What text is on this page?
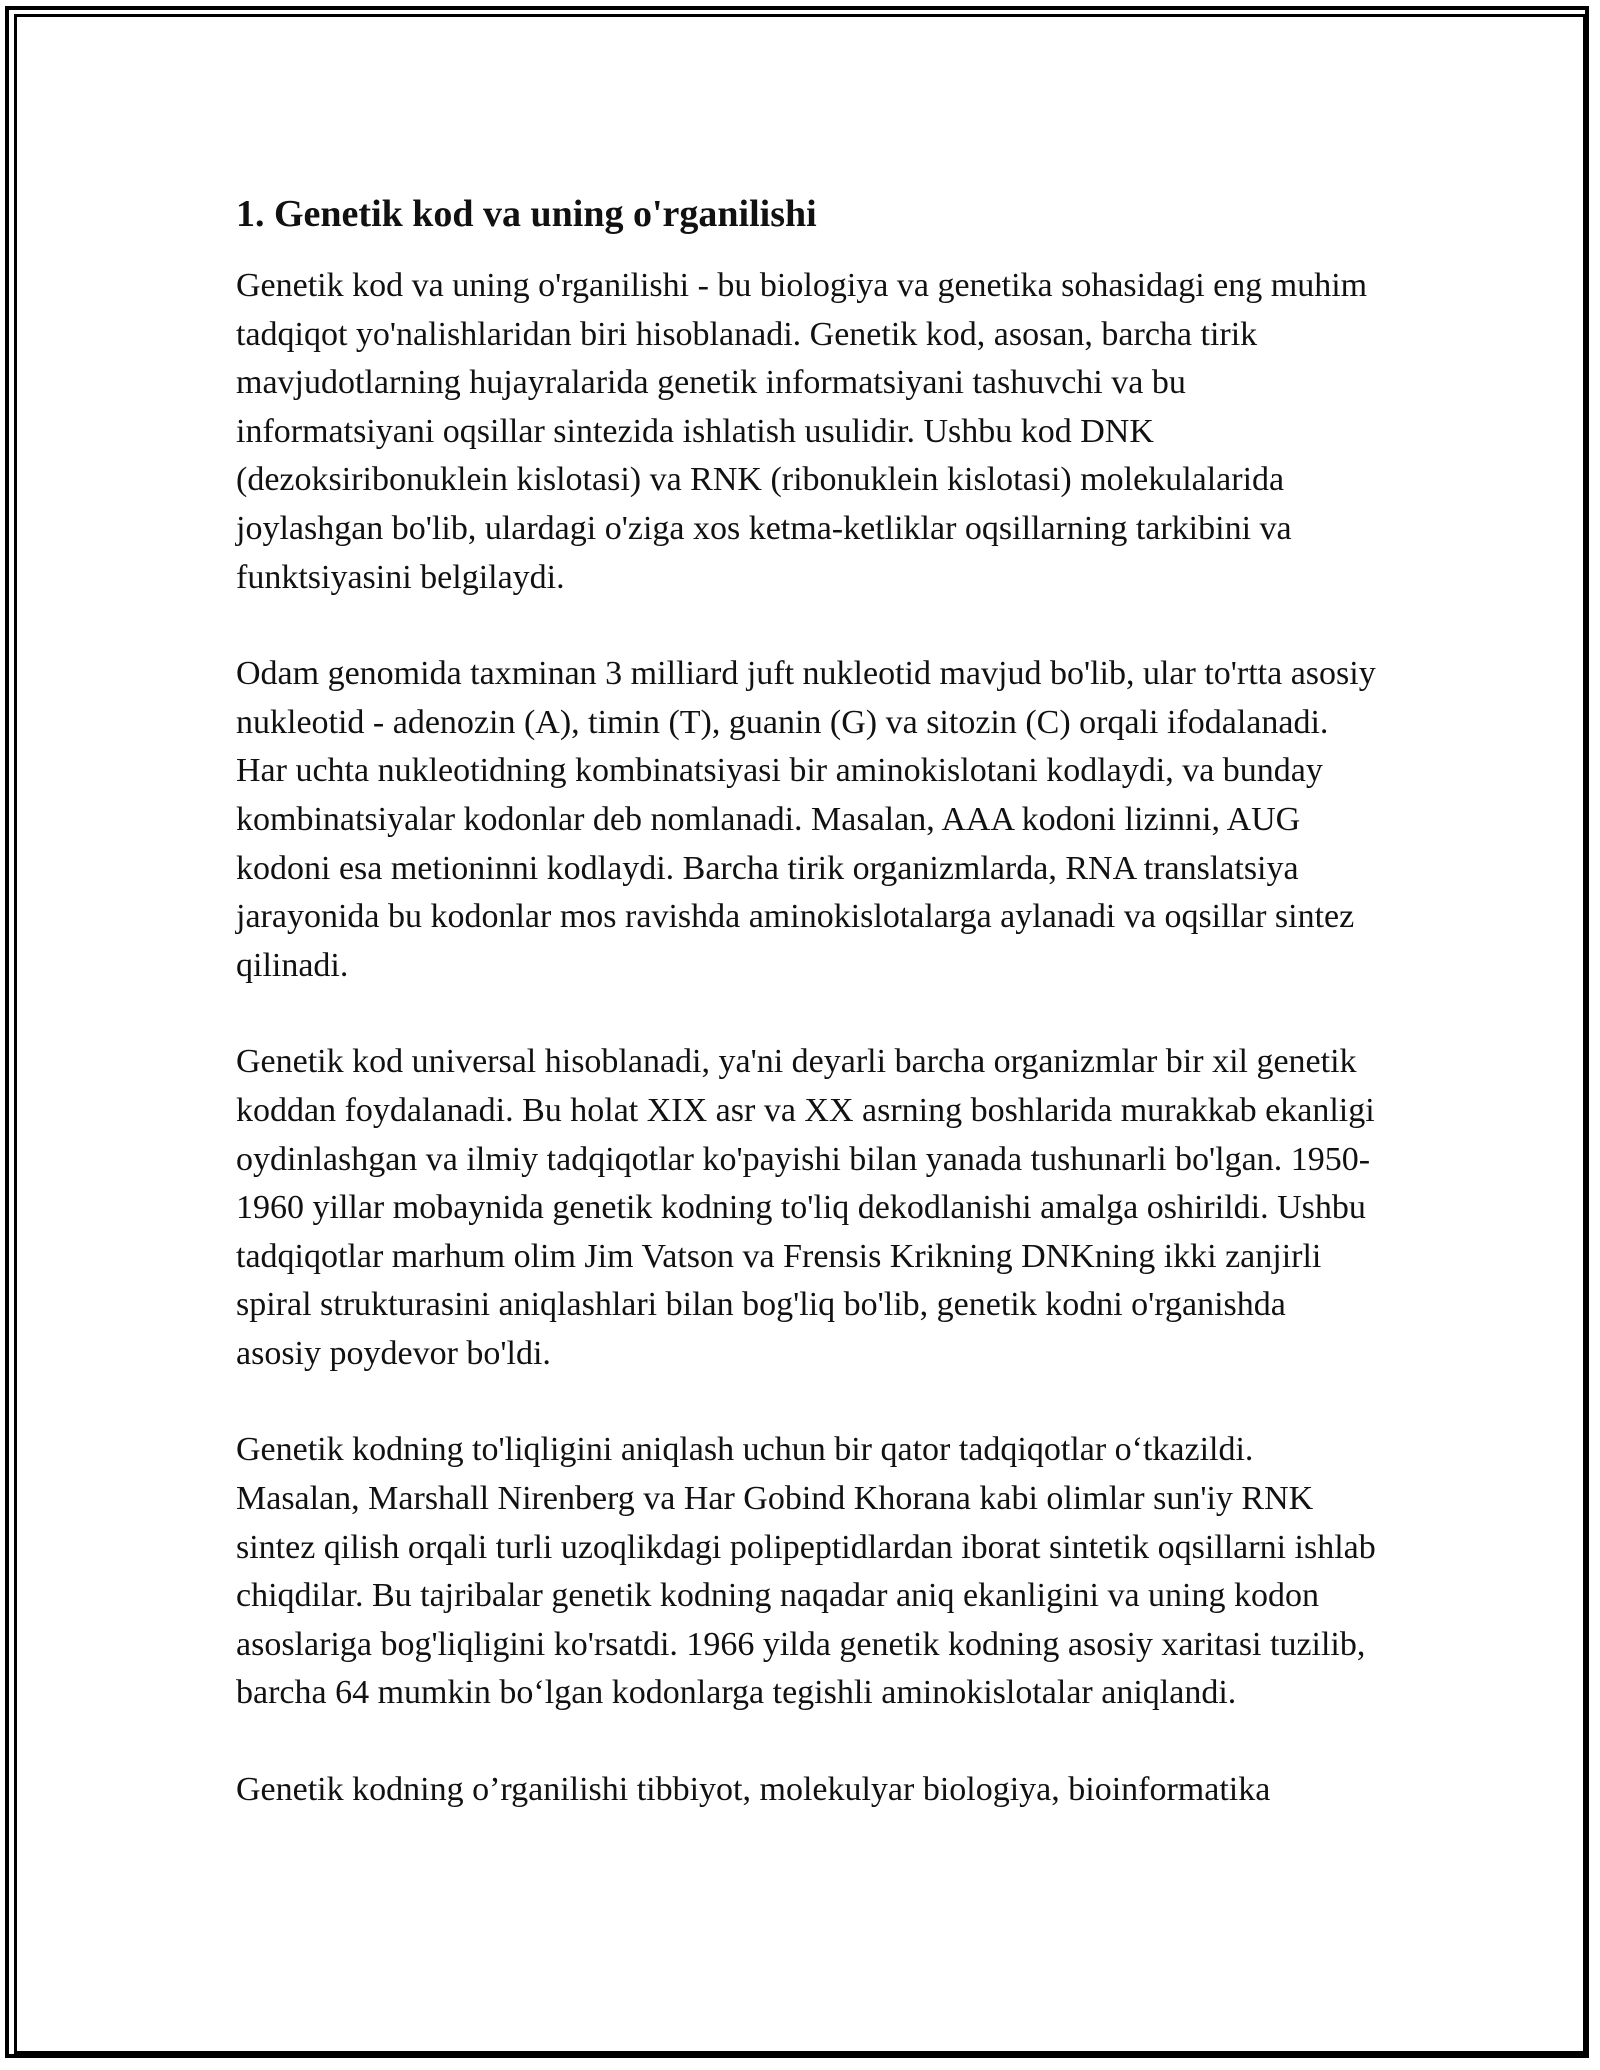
1. Genetik kod va uning o'rganilishi

Genetik kod va uning o'rganilishi - bu biologiya va genetika sohasidagi eng muhim tadqiqot yo'nalishlaridan biri hisoblanadi. Genetik kod, asosan, barcha tirik mavjudotlarning hujayralarida genetik informatsiyani tashuvchi va bu informatsiyani oqsillar sintezida ishlatish usulidir. Ushbu kod DNK (dezoksiribonuklein kislotasi) va RNK (ribonuklein kislotasi) molekulalarida joylashgan bo'lib, ulardagi o'ziga xos ketma-ketliklar oqsillarning tarkibini va funktsiyasini belgilaydi.

Odam genomida taxminan 3 milliard juft nukleotid mavjud bo'lib, ular to'rtta asosiy nukleotid - adenozin (A), timin (T), guanin (G) va sitozin (C) orqali ifodalanadi. Har uchta nukleotidning kombinatsiyasi bir aminokislotani kodlaydi, va bunday kombinatsiyalar kodonlar deb nomlanadi. Masalan, AAA kodoni lizinni, AUG kodoni esa metioninni kodlaydi. Barcha tirik organizmlarda, RNA translatsiya jarayonida bu kodonlar mos ravishda aminokislotalarga aylanadi va oqsillar sintez qilinadi.

Genetik kod universal hisoblanadi, ya'ni deyarli barcha organizmlar bir xil genetik koddan foydalanadi. Bu holat XIX asr va XX asrning boshlarida murakkab ekanligi oydinlashgan va ilmiy tadqiqotlar ko'payishi bilan yanada tushunarli bo'lgan. 1950-1960 yillar mobaynida genetik kodning to'liq dekodlanishi amalga oshirildi. Ushbu tadqiqotlar marhum olim Jim Vatson va Frensis Krikning DNKning ikki zanjirli spiral strukturasini aniqlashlari bilan bog'liq bo'lib, genetik kodni o'rganishda asosiy poydevor bo'ldi.

Genetik kodning to'liqligini aniqlash uchun bir qator tadqiqotlar o‘tkazildi. Masalan, Marshall Nirenberg va Har Gobind Khorana kabi olimlar sun'iy RNK sintez qilish orqali turli uzoqlikdagi polipeptidlardan iborat sintetik oqsillarni ishlab chiqdilar. Bu tajribalar genetik kodning naqadar aniq ekanligini va uning kodon asoslariga bog'liqligini ko'rsatdi. 1966 yilda genetik kodning asosiy xaritasi tuzilib, barcha 64 mumkin bo‘lgan kodonlarga tegishli aminokislotalar aniqlandi.

Genetik kodning o’rganilishi tibbiyot, molekulyar biologiya, bioinformatika
